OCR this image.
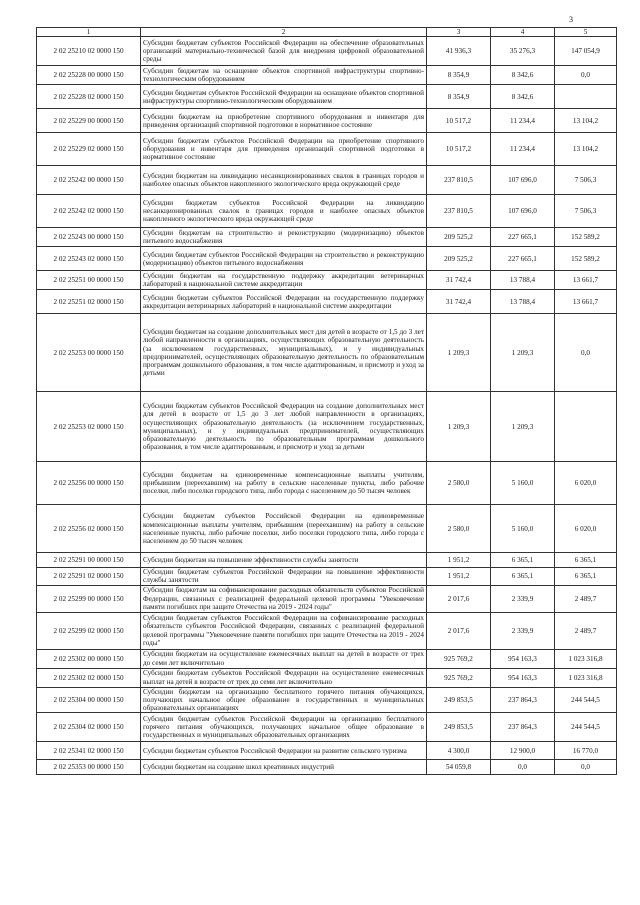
3
1	2	3	4	5
2 02 25210 02 0000 150	Субсидии бюджетам субъектов Российской Федерации на обеспечение образовательных организаций материально-технической базой для внедрения цифровой образовательной среды	41 936,3	35 276,3	147 054,9
2 02 25228 00 0000 150	Субсидии бюджетам на оснащение объектов спортивной инфраструктуры спортивно-технологическим оборудованием	8 354,9	8 342,6	0,0
2 02 25228 02 0000 150	Субсидии бюджетам субъектов Российской Федерации на оснащение объектов спортивной инфраструктуры спортивно-технологическим оборудованием	8 354,9	8 342,6	
2 02 25229 00 0000 150	Субсидии бюджетам на приобретение спортивного оборудования и инвентаря для приведения организаций спортивной подготовки в нормативное состояние	10 517,2	11 234,4	13 104,2
2 02 25229 02 0000 150	Субсидии бюджетам субъектов Российской Федерации на приобретение спортивного оборудования и инвентаря для приведения организаций спортивной подготовки в нормативное состояние	10 517,2	11 234,4	13 104,2
2 02 25242 00 0000 150	Субсидии бюджетам на ликвидацию несанкционированных свалок в границах городов и наиболее опасных объектов накопленного экологического вреда окружающей среде	237 810,5	107 696,0	7 506,3
2 02 25242 02 0000 150	Субсидии бюджетам субъектов Российской Федерации на ликвидацию несанкционированных свалок в границах городов и наиболее опасных объектов накопленного экологического вреда окружающей среде	237 810,5	107 696,0	7 506,3
2 02 25243 00 0000 150	Субсидии бюджетам на строительство и реконструкцию (модернизацию) объектов питьевого водоснабжения	209 525,2	227 665,1	152 589,2
2 02 25243 02 0000 150	Субсидии бюджетам субъектов Российской Федерации на строительство и реконструкцию (модернизацию) объектов питьевого водоснабжения	209 525,2	227 665,1	152 589,2
2 02 25251 00 0000 150	Субсидии бюджетам на государственную поддержку аккредитации ветеринарных лабораторий в национальной системе аккредитации	31 742,4	13 788,4	13 661,7
2 02 25251 02 0000 150	Субсидии бюджетам субъектов Российской Федерации на государственную поддержку аккредитации ветеринарных лабораторий в национальной системе аккредитации	31 742,4	13 788,4	13 661,7
2 02 25253 00 0000 150	Субсидии бюджетам на создание дополнительных мест для детей в возрасте от 1,5 до 3 лет любой направленности в организациях, осуществляющих образовательную деятельность (за исключением государственных, муниципальных), и у индивидуальных предпринимателей, осуществляющих образовательную деятельность по образовательным программам дошкольного образования, в том числе адаптированным, и присмотр и уход за детьми	1 209,3	1 209,3	0,0
2 02 25253 02 0000 150	Субсидии бюджетам субъектов Российской Федерации на создание дополнительных мест для детей в возрасте от 1,5 до 3 лет любой направленности в организациях, осуществляющих образовательную деятельность (за исключением государственных, муниципальных), и у индивидуальных предпринимателей, осуществляющих образовательную деятельность по образовательным программам дошкольного образования, в том числе адаптированным, и присмотр и уход за детьми	1 209,3	1 209,3	
2 02 25256 00 0000 150	Субсидии бюджетам на единовременные компенсационные выплаты учителям, прибывшим (переехавшим) на работу в сельские населенные пункты, либо рабочие поселки, либо поселки городского типа, либо города с населением до 50 тысяч человек	2 580,0	5 160,0	6 020,0
2 02 25256 02 0000 150	Субсидии бюджетам субъектов Российской Федерации на единовременные компенсационные выплаты учителям, прибывшим (переехавшим) на работу в сельские населенные пункты, либо рабочие поселки, либо поселки городского типа, либо города с населением до 50 тысяч человек	2 580,0	5 160,0	6 020,0
2 02 25291 00 0000 150	Субсидии бюджетам на повышение эффективности службы занятости	1 951,2	6 365,1	6 365,1
2 02 25291 02 0000 150	Субсидии бюджетам субъектов Российской Федерации на повышение эффективности службы занятости	1 951,2	6 365,1	6 365,1
2 02 25299 00 0000 150	Субсидии бюджетам на софинансирование расходных обязательств субъектов Российской Федерации, связанных с реализацией федеральной целевой программы "Увековечение памяти погибших при защите Отечества на 2019 - 2024 годы"	2 017,6	2 339,9	2 489,7
2 02 25299 02 0000 150	Субсидии бюджетам субъектов Российской Федерации на софинансирование расходных обязательств субъектов Российской Федерации, связанных с реализацией федеральной целевой программы "Увековечение памяти погибших при защите Отечества на 2019 - 2024 годы"	2 017,6	2 339,9	2 489,7
2 02 25302 00 0000 150	Субсидии бюджетам на осуществление ежемесячных выплат на детей в возрасте от трех до семи лет включительно	925 769,2	954 163,3	1 023 316,8
2 02 25302 02 0000 150	Субсидии бюджетам субъектов Российской Федерации на осуществление ежемесячных выплат на детей в возрасте от трех до семи лет включительно	925 769,2	954 163,3	1 023 316,8
2 02 25304 00 0000 150	Субсидии бюджетам на организацию бесплатного горячего питания обучающихся, получающих начальное общее образование в государственных и муниципальных образовательных организациях	249 853,5	237 864,3	244 544,5
2 02 25304 02 0000 150	Субсидии бюджетам субъектов Российской Федерации на организацию бесплатного горячего питания обучающихся, получающих начальное общее образование в государственных и муниципальных образовательных организациях	249 853,5	237 864,3	244 544,5
2 02 25341 02 0000 150	Субсидии бюджетам субъектов Российской Федерации на развитие сельского туризма	4 300,0	12 900,0	16 770,0
2 02 25353 00 0000 150	Субсидии бюджетам на создание школ креативных индустрий	54 059,8	0,0	0,0
